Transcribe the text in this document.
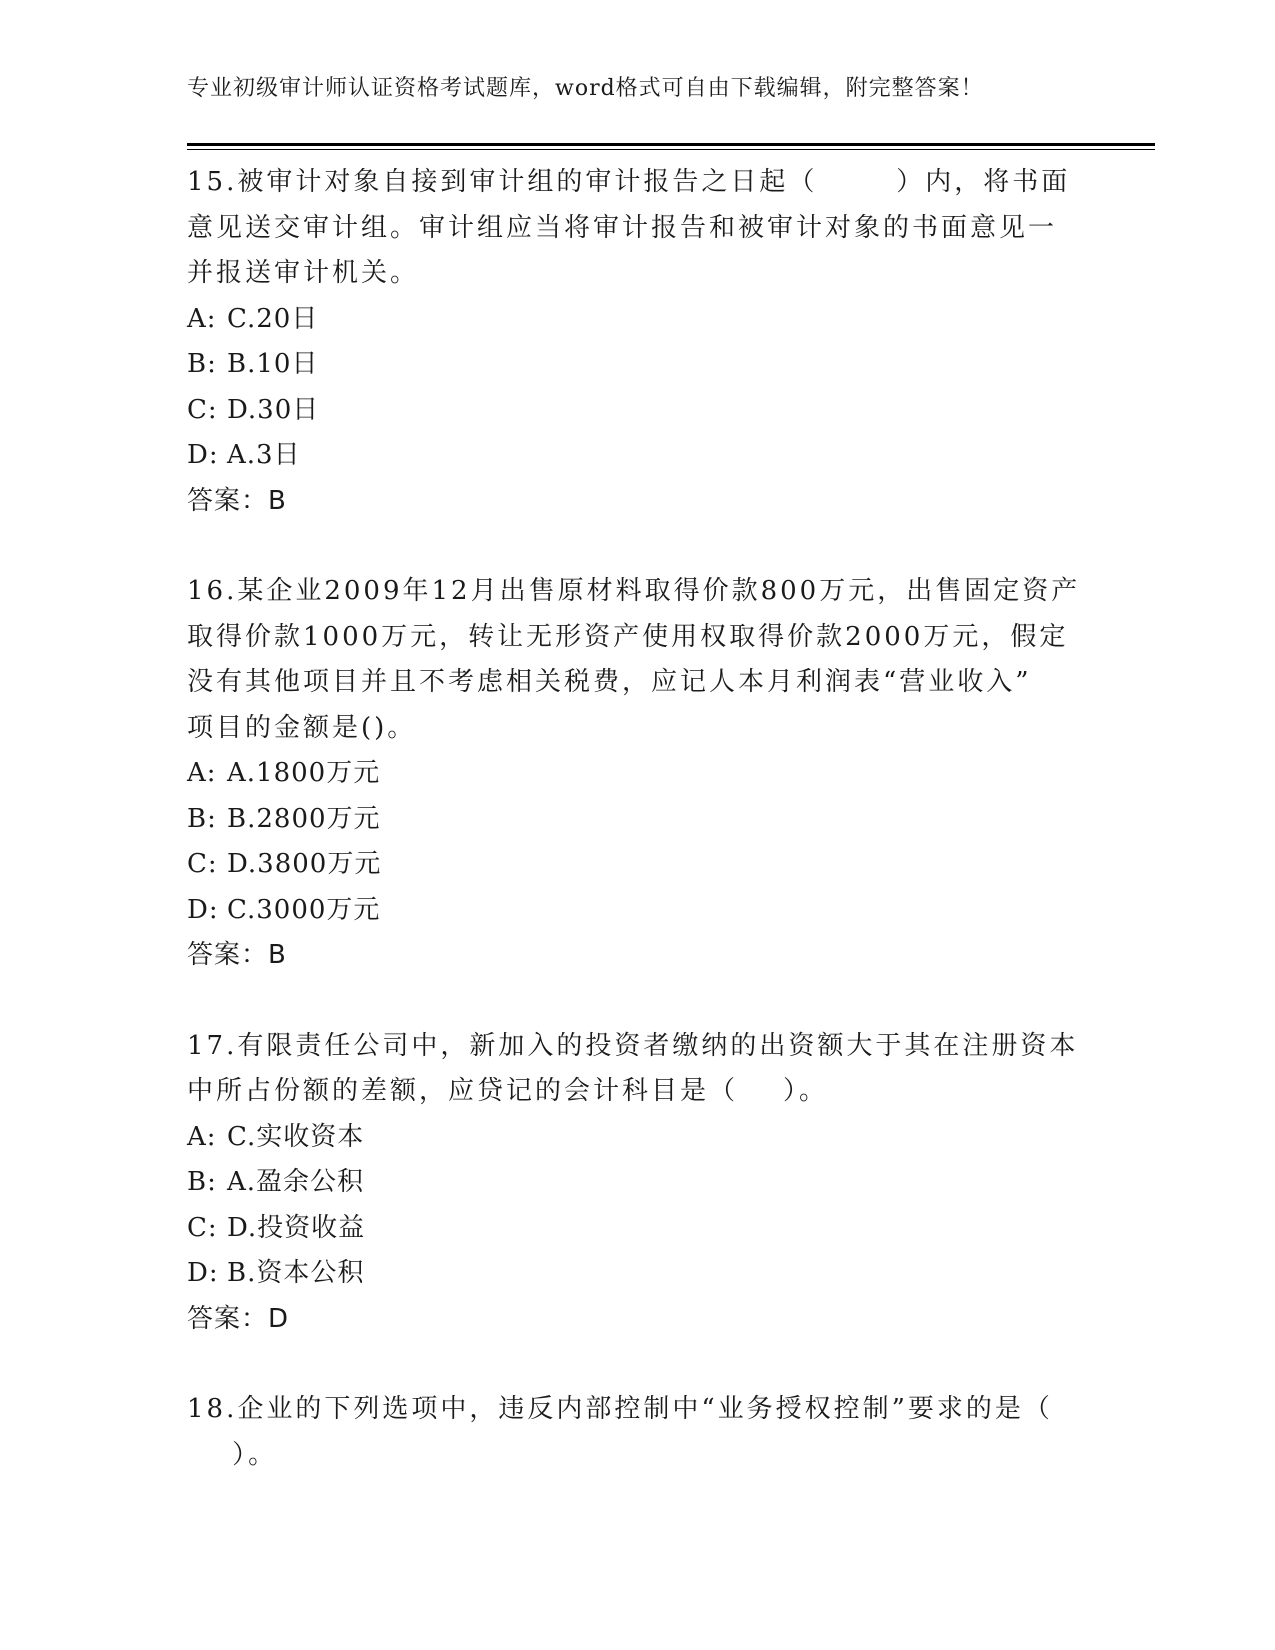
专业初级审计师认证资格考试题库，word格式可自由下载编辑，附完整答案！
15.被审计对象自接到审计组的审计报告之日起（       ）内，将书面
意见送交审计组。审计组应当将审计报告和被审计对象的书面意见一
并报送审计机关。
A: C.20日
B: B.10日
C: D.30日
D: A.3日
答案：B
16.某企业2009年12月出售原材料取得价款800万元，出售固定资产
取得价款1000万元，转让无形资产使用权取得价款2000万元，假定
没有其他项目并且不考虑相关税费，应记人本月利润表“营业收入”
项目的金额是()。
A: A.1800万元
B: B.2800万元
C: D.3800万元
D: C.3000万元
答案：B
17.有限责任公司中，新加入的投资者缴纳的出资额大于其在注册资本
中所占份额的差额，应贷记的会计科目是（    ）。
A: C.实收资本
B: A.盈余公积
C: D.投资收益
D: B.资本公积
答案：D
18.企业的下列选项中，违反内部控制中“业务授权控制”要求的是（
）。
